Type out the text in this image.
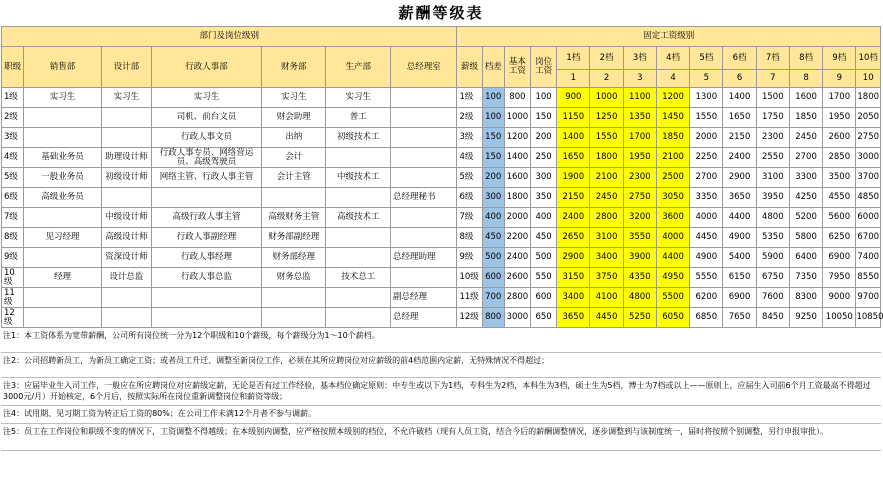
薪酬等级表
部门及岗位级别							固定工资级别													
职级	销售部	设计部	行政人事部	财务部	生产部	总经理室	薪级	档差	基本工资	岗位工资	1档	2档	3档	4档	5档	6档	7档	8档	9档	10档
											1	2	3	4	5	6	7	8	9	10
1级	实习生	实习生	实习生	实习生	实习生		1级	100	800	100	900	1000	1100	1200	1300	1400	1500	1600	1700	1800
2级			司机、前台文员	财会助理	普工		2级	100	1000	150	1150	1250	1350	1450	1550	1650	1750	1850	1950	2050
3级			行政人事文员	出纳	初级技术工		3级	150	1200	200	1400	1550	1700	1850	2000	2150	2300	2450	2600	2750
4级	基础业务员	助理设计师	行政人事专员、网络营运员、高级驾驶员	会计			4级	150	1400	250	1650	1800	1950	2100	2250	2400	2550	2700	2850	3000
5级	一般业务员	初级设计师	网络主管、行政人事主管	会计主管	中级技术工		5级	200	1600	300	1900	2100	2300	2500	2700	2900	3100	3300	3500	3700
6级	高级业务员					总经理秘书	6级	300	1800	350	2150	2450	2750	3050	3350	3650	3950	4250	4550	4850
7级		中级设计师	高级行政人事主管	高级财务主管	高级技术工		7级	400	2000	400	2400	2800	3200	3600	4000	4400	4800	5200	5600	6000
8级	见习经理	高级设计师	行政人事副经理	财务部副经理			8级	450	2200	450	2650	3100	3550	4000	4450	4900	5350	5800	6250	6700
9级		资深设计师	行政人事经理	财务部经理		总经理助理	9级	500	2400	500	2900	3400	3900	4400	4900	5400	5900	6400	6900	7400
10级	经理	设计总监	行政人事总监	财务总监	技术总工		10级	600	2600	550	3150	3750	4350	4950	5550	6150	6750	7350	7950	8550
11级						副总经理	11级	700	2800	600	3400	4100	4800	5500	6200	6900	7600	8300	9000	9700
12级						总经理	12级	800	3000	650	3650	4450	5250	6050	6850	7650	8450	9250	10050	10850
注1：本工资体系为宽带薪酬，公司所有岗位统一分为12个职级和10个薪级，每个薪级分为1～10个薪档。
注2：公司招聘新员工，为新员工确定工资；或者员工升迁、调整至新岗位工作，必须在其所应聘岗位对应薪级的前4档范围内定薪，无特殊情况不得超过；
注3：应届毕业生入司工作，一般应在所应聘岗位对应薪级定薪，无论是否有过工作经验，基本档位确定原则：中专生或以下为1档，专科生为2档，本科生为3档，硕士生为5档，博士为7档或以上——原则上，应届生入司前6个月工资最高不得超过3000元/月）开始核定，6个月后，按照实际所在岗位重新调整岗位和薪资等级；
注4：试用期、见习期工资为转正后工资的80%；在公司工作未满12个月者不参与调薪。
注5：员工在工作岗位和职级不变的情况下，工资调整不得越级；在本级别内调整，应严格按照本级别的档位，不允许破档（现有人员工资，结合今后的薪酬调整情况，逐步调整到与该制度统一，届时将按照个别调整，另行申报审批）。
